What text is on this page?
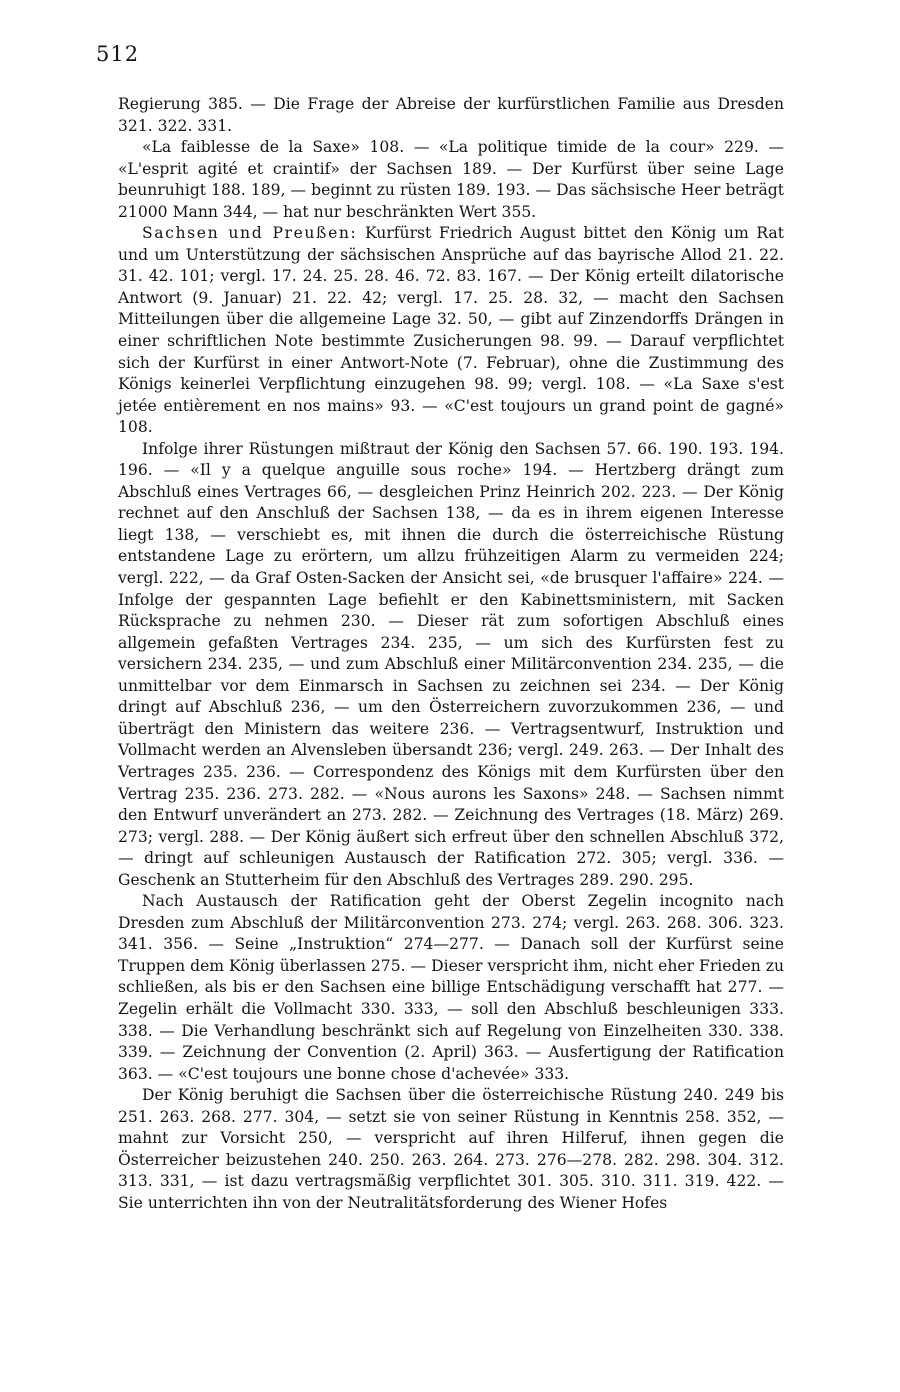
512

Regierung 385. — Die Frage der Abreise der kurfürstlichen Familie aus Dresden 321. 322. 331.

«La faiblesse de la Saxe» 108. — «La politique timide de la cour» 229. — «L'esprit agité et craintif» der Sachsen 189. — Der Kurfürst über seine Lage beunruhigt 188. 189, — beginnt zu rüsten 189. 193. — Das sächsische Heer beträgt 21000 Mann 344, — hat nur beschränkten Wert 355.

Sachsen und Preußen: Kurfürst Friedrich August bittet den König um Rat und um Unterstützung der sächsischen Ansprüche auf das bayrische Allod 21. 22. 31. 42. 101; vergl. 17. 24. 25. 28. 46. 72. 83. 167. — Der König erteilt dilatorische Antwort (9. Januar) 21. 22. 42; vergl. 17. 25. 28. 32, — macht den Sachsen Mitteilungen über die allgemeine Lage 32. 50, — gibt auf Zinzendorffs Drängen in einer schriftlichen Note bestimmte Zusicherungen 98. 99. — Darauf verpflichtet sich der Kurfürst in einer Antwort-Note (7. Februar), ohne die Zustimmung des Königs keinerlei Verpflichtung einzugehen 98. 99; vergl. 108. — «La Saxe s'est jetée entièrement en nos mains» 93. — «C'est toujours un grand point de gagné» 108.

Infolge ihrer Rüstungen mißtraut der König den Sachsen 57. 66. 190. 193. 194. 196. — «Il y a quelque anguille sous roche» 194. — Hertzberg drängt zum Abschluß eines Vertrages 66, — desgleichen Prinz Heinrich 202. 223. — Der König rechnet auf den Anschluß der Sachsen 138, — da es in ihrem eigenen Interesse liegt 138, — verschiebt es, mit ihnen die durch die österreichische Rüstung entstandene Lage zu erörtern, um allzu frühzeitigen Alarm zu vermeiden 224; vergl. 222, — da Graf Osten-Sacken der Ansicht sei, «de brusquer l'affaire» 224. — Infolge der gespannten Lage befiehlt er den Kabinettsministern, mit Sacken Rücksprache zu nehmen 230. — Dieser rät zum sofortigen Abschluß eines allgemein gefaßten Vertrages 234. 235, — um sich des Kurfürsten fest zu versichern 234. 235, — und zum Abschluß einer Militärconvention 234. 235, — die unmittelbar vor dem Einmarsch in Sachsen zu zeichnen sei 234. — Der König dringt auf Abschluß 236, — um den Österreichern zuvorzukommen 236, — und überträgt den Ministern das weitere 236. — Vertragsentwurf, Instruktion und Vollmacht werden an Alvensleben übersandt 236; vergl. 249. 263. — Der Inhalt des Vertrages 235. 236. — Correspondenz des Königs mit dem Kurfürsten über den Vertrag 235. 236. 273. 282. — «Nous aurons les Saxons» 248. — Sachsen nimmt den Entwurf unverändert an 273. 282. — Zeichnung des Vertrages (18. März) 269. 273; vergl. 288. — Der König äußert sich erfreut über den schnellen Abschluß 372, — dringt auf schleunigen Austausch der Ratification 272. 305; vergl. 336. — Geschenk an Stutterheim für den Abschluß des Vertrages 289. 290. 295.

Nach Austausch der Ratification geht der Oberst Zegelin incognito nach Dresden zum Abschluß der Militärconvention 273. 274; vergl. 263. 268. 306. 323. 341. 356. — Seine „Instruktion“ 274—277. — Danach soll der Kurfürst seine Truppen dem König überlassen 275. — Dieser verspricht ihm, nicht eher Frieden zu schließen, als bis er den Sachsen eine billige Entschädigung verschafft hat 277. — Zegelin erhält die Vollmacht 330. 333, — soll den Abschluß beschleunigen 333. 338. — Die Verhandlung beschränkt sich auf Regelung von Einzelheiten 330. 338. 339. — Zeichnung der Convention (2. April) 363. — Ausfertigung der Ratification 363. — «C'est toujours une bonne chose d'achevée» 333.

Der König beruhigt die Sachsen über die österreichische Rüstung 240. 249 bis 251. 263. 268. 277. 304, — setzt sie von seiner Rüstung in Kenntnis 258. 352, — mahnt zur Vorsicht 250, — verspricht auf ihren Hilferuf, ihnen gegen die Österreicher beizustehen 240. 250. 263. 264. 273. 276—278. 282. 298. 304. 312. 313. 331, — ist dazu vertragsmäßig verpflichtet 301. 305. 310. 311. 319. 422. — Sie unterrichten ihn von der Neutralitätsforderung des Wiener Hofes
